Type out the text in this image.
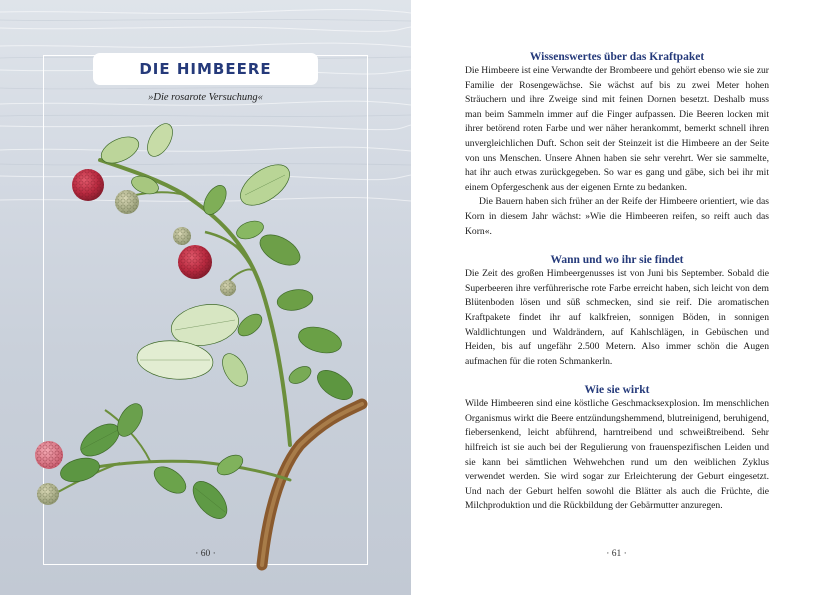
DIE HIMBEERE
»Die rosarote Versuchung«
· 60 ·
Wissenswertes über das Kraftpaket

Die Himbeere ist eine Verwandte der Brombeere und gehört ebenso wie sie zur Familie der Rosengewächse. Sie wächst auf bis zu zwei Meter hohen Sträuchern und ihre Zweige sind mit feinen Dornen besetzt. Deshalb muss man beim Sammeln immer auf die Finger aufpassen. Die Beeren locken mit ihrer betörend roten Farbe und wer näher herankommt, bemerkt schnell ihren unvergleichlichen Duft. Schon seit der Steinzeit ist die Himbeere an der Seite von uns Menschen. Unsere Ahnen haben sie sehr verehrt. Wer sie sammelte, hat ihr auch etwas zurückgegeben. So war es gang und gäbe, sich bei ihr mit einem Opfergeschenk aus der eigenen Ernte zu bedanken.

Die Bauern haben sich früher an der Reife der Himbeere orientiert, wie das Korn in diesem Jahr wächst: »Wie die Himbeeren reifen, so reift auch das Korn«.

Wann und wo ihr sie findet

Die Zeit des großen Himbeergenusses ist von Juni bis September. Sobald die Superbeeren ihre verführerische rote Farbe erreicht haben, sich leicht von dem Blütenboden lösen und süß schmecken, sind sie reif. Die aromatischen Kraftpakete findet ihr auf kalkfreien, sonnigen Böden, in sonnigen Waldlichtungen und Waldrändern, auf Kahlschlägen, in Gebüschen und Heiden, bis auf ungefähr 2.500 Metern. Also immer schön die Augen aufmachen für die roten Schmankerln.

Wie sie wirkt

Wilde Himbeeren sind eine köstliche Geschmacksexplosion. Im menschlichen Organismus wirkt die Beere entzündungshemmend, blutreinigend, beruhigend, fiebersenkend, leicht abführend, harntreibend und schweißtreibend. Sehr hilfreich ist sie auch bei der Regulierung von frauenspezifischen Leiden und sie kann bei sämtlichen Wehwehchen rund um den weiblichen Zyklus verwendet werden. Sie wird sogar zur Erleichterung der Geburt eingesetzt. Und nach der Geburt helfen sowohl die Blätter als auch die Früchte, die Milchproduktion und die Rückbildung der Gebärmutter anzuregen.

· 61 ·
